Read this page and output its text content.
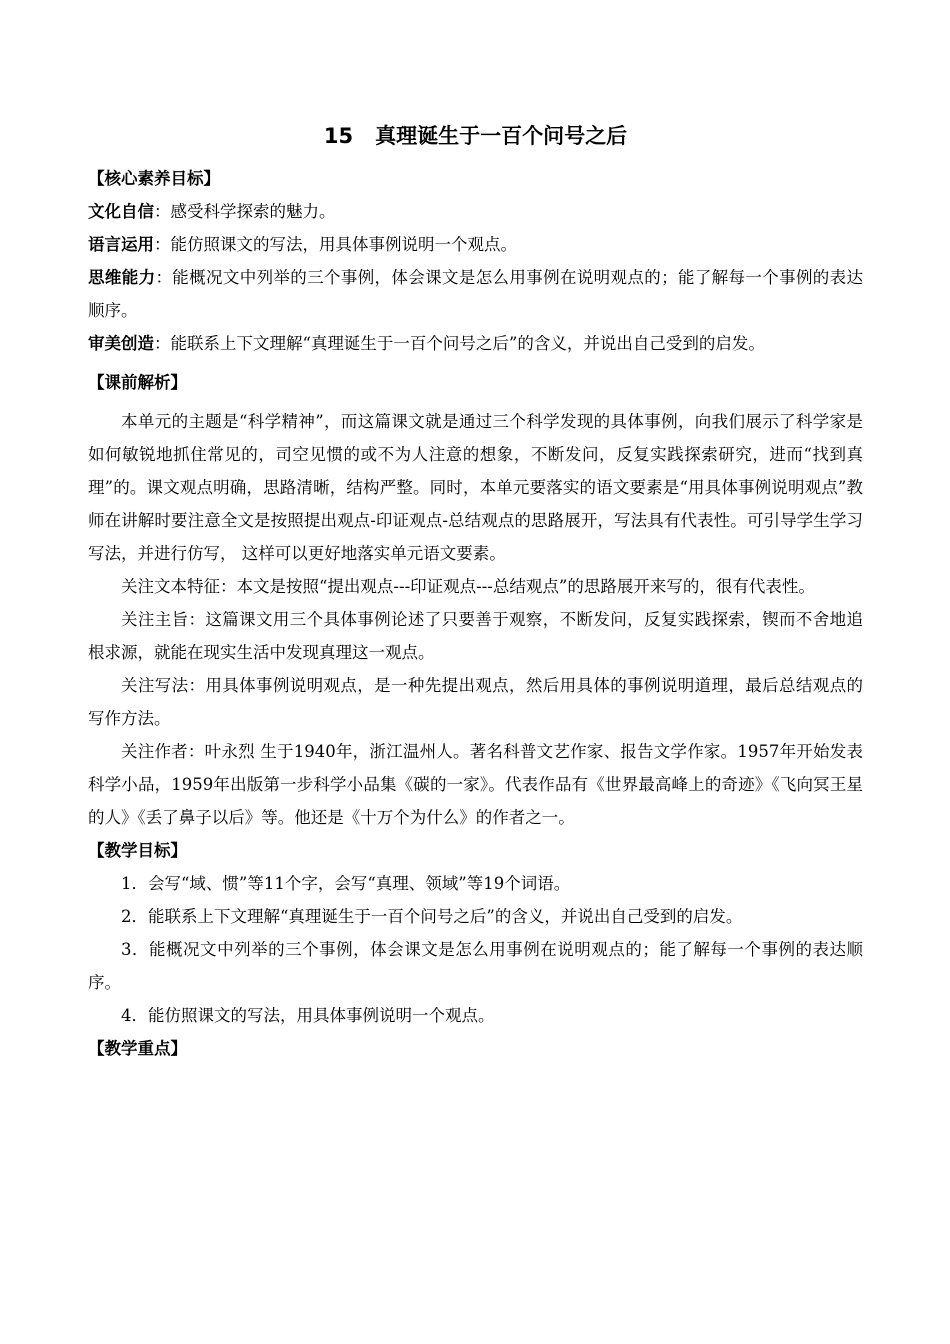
15 真理诞生于一百个问号之后

【核心素养目标】

文化自信：感受科学探索的魅力。

语言运用：能仿照课文的写法，用具体事例说明一个观点。

思维能力：能概况文中列举的三个事例，体会课文是怎么用事例在说明观点的；能了解每一个事例的表达顺序。

审美创造：能联系上下文理解“真理诞生于一百个问号之后”的含义，并说出自己受到的启发。

【课前解析】

本单元的主题是“科学精神”，而这篇课文就是通过三个科学发现的具体事例，向我们展示了科学家是如何敏锐地抓住常见的，司空见惯的或不为人注意的想象，不断发问，反复实践探索研究，进而“找到真理”的。课文观点明确，思路清晰，结构严整。同时，本单元要落实的语文要素是“用具体事例说明观点”教师在讲解时要注意全文是按照提出观点-印证观点-总结观点的思路展开，写法具有代表性。可引导学生学习写法，并进行仿写， 这样可以更好地落实单元语文要素。

关注文本特征：本文是按照“提出观点---印证观点---总结观点”的思路展开来写的，很有代表性。

关注主旨：这篇课文用三个具体事例论述了只要善于观察，不断发问，反复实践探索，锲而不舍地追根求源，就能在现实生活中发现真理这一观点。

关注写法：用具体事例说明观点，是一种先提出观点，然后用具体的事例说明道理，最后总结观点的写作方法。

关注作者：叶永烈 生于1940年，浙江温州人。著名科普文艺作家、报告文学作家。1957年开始发表科学小品，1959年出版第一步科学小品集《碳的一家》。代表作品有《世界最高峰上的奇迹》《飞向冥王星的人》《丢了鼻子以后》等。他还是《十万个为什么》的作者之一。

【教学目标】

1．会写“域、惯”等11个字，会写“真理、领域”等19个词语。

2．能联系上下文理解“真理诞生于一百个问号之后”的含义，并说出自己受到的启发。

3．能概况文中列举的三个事例，体会课文是怎么用事例在说明观点的；能了解每一个事例的表达顺序。

4．能仿照课文的写法，用具体事例说明一个观点。

【教学重点】
